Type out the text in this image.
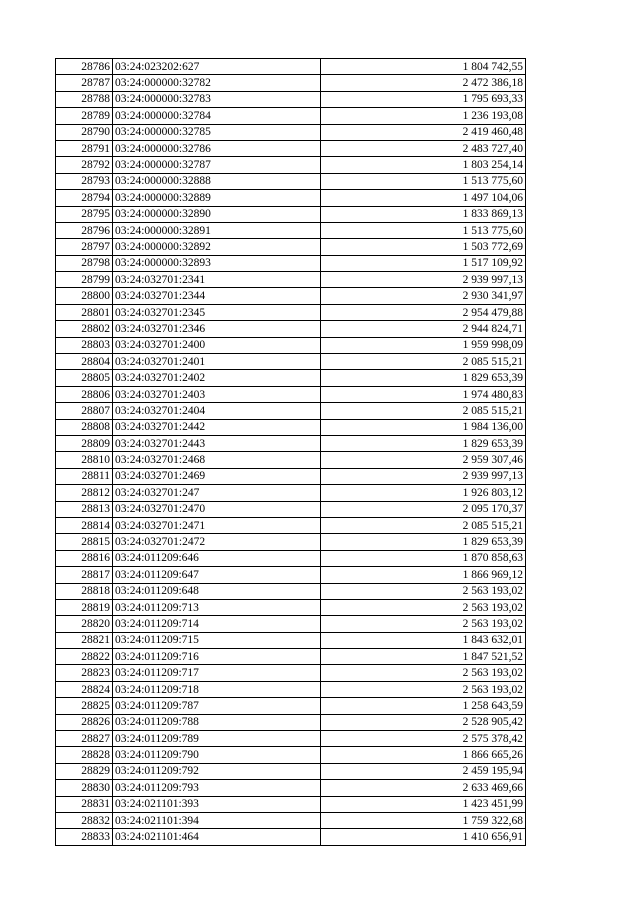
28786	03:24:023202:627	1 804 742,55
28787	03:24:000000:32782	2 472 386,18
28788	03:24:000000:32783	1 795 693,33
28789	03:24:000000:32784	1 236 193,08
28790	03:24:000000:32785	2 419 460,48
28791	03:24:000000:32786	2 483 727,40
28792	03:24:000000:32787	1 803 254,14
28793	03:24:000000:32888	1 513 775,60
28794	03:24:000000:32889	1 497 104,06
28795	03:24:000000:32890	1 833 869,13
28796	03:24:000000:32891	1 513 775,60
28797	03:24:000000:32892	1 503 772,69
28798	03:24:000000:32893	1 517 109,92
28799	03:24:032701:2341	2 939 997,13
28800	03:24:032701:2344	2 930 341,97
28801	03:24:032701:2345	2 954 479,88
28802	03:24:032701:2346	2 944 824,71
28803	03:24:032701:2400	1 959 998,09
28804	03:24:032701:2401	2 085 515,21
28805	03:24:032701:2402	1 829 653,39
28806	03:24:032701:2403	1 974 480,83
28807	03:24:032701:2404	2 085 515,21
28808	03:24:032701:2442	1 984 136,00
28809	03:24:032701:2443	1 829 653,39
28810	03:24:032701:2468	2 959 307,46
28811	03:24:032701:2469	2 939 997,13
28812	03:24:032701:247	1 926 803,12
28813	03:24:032701:2470	2 095 170,37
28814	03:24:032701:2471	2 085 515,21
28815	03:24:032701:2472	1 829 653,39
28816	03:24:011209:646	1 870 858,63
28817	03:24:011209:647	1 866 969,12
28818	03:24:011209:648	2 563 193,02
28819	03:24:011209:713	2 563 193,02
28820	03:24:011209:714	2 563 193,02
28821	03:24:011209:715	1 843 632,01
28822	03:24:011209:716	1 847 521,52
28823	03:24:011209:717	2 563 193,02
28824	03:24:011209:718	2 563 193,02
28825	03:24:011209:787	1 258 643,59
28826	03:24:011209:788	2 528 905,42
28827	03:24:011209:789	2 575 378,42
28828	03:24:011209:790	1 866 665,26
28829	03:24:011209:792	2 459 195,94
28830	03:24:011209:793	2 633 469,66
28831	03:24:021101:393	1 423 451,99
28832	03:24:021101:394	1 759 322,68
28833	03:24:021101:464	1 410 656,91
